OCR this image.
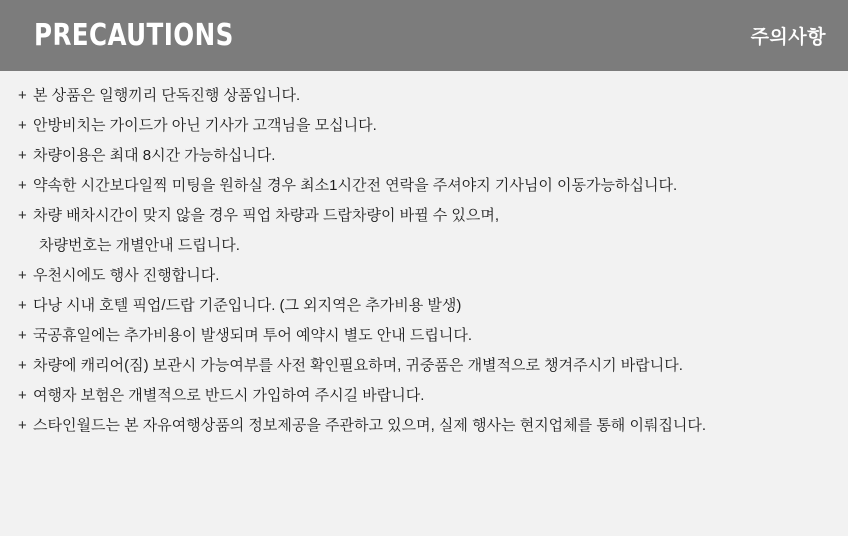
PRECAUTIONS	주의사항
+ 본 상품은 일행끼리 단독진행 상품입니다.
+ 안방비치는 가이드가 아닌 기사가 고객님을 모십니다.
+ 차량이용은 최대 8시간 가능하십니다.
+ 약속한 시간보다일찍 미팅을 원하실 경우 최소1시간전 연락을 주셔야지 기사님이 이동가능하십니다.
+ 차량 배차시간이 맞지 않을 경우 픽업 차량과 드랍차량이 바뀔 수 있으며,
차량번호는 개별안내 드립니다.
+ 우천시에도 행사 진행합니다.
+ 다낭 시내 호텔 픽업/드랍 기준입니다. (그 외지역은 추가비용 발생)
+ 국공휴일에는 추가비용이 발생되며 투어 예약시 별도 안내 드립니다.
+ 차량에 캐리어(짐) 보관시 가능여부를 사전 확인필요하며, 귀중품은 개별적으로 챙겨주시기 바랍니다.
+ 여행자 보험은 개별적으로 반드시 가입하여 주시길 바랍니다.
+ 스타인월드는 본 자유여행상품의 정보제공을 주관하고 있으며, 실제 행사는 현지업체를 통해 이뤄집니다.
